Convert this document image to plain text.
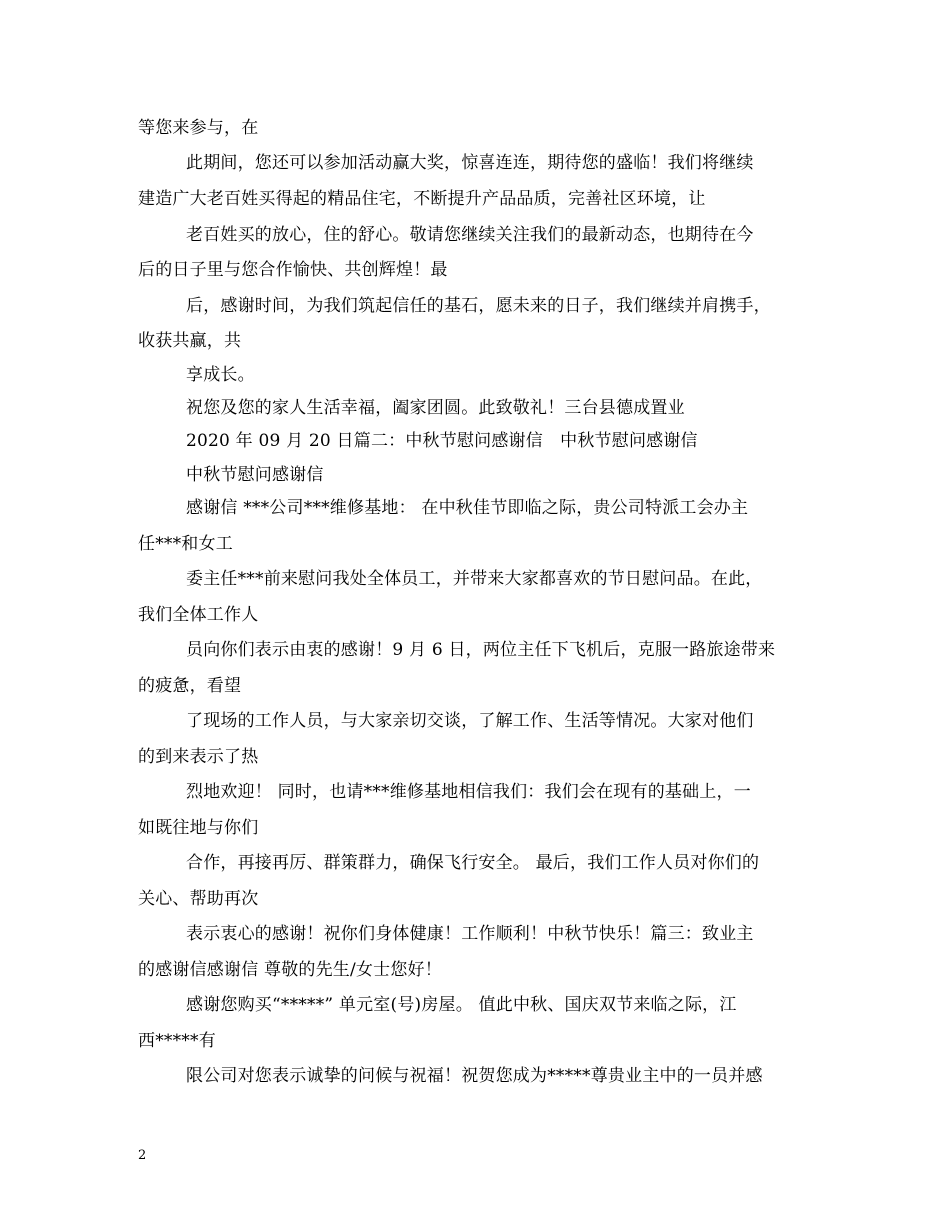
等您来参与，在
此期间，您还可以参加活动赢大奖，惊喜连连，期待您的盛临！我们将继续
建造广大老百姓买得起的精品住宅，不断提升产品品质，完善社区环境，让
老百姓买的放心，住的舒心。敬请您继续关注我们的最新动态，也期待在今
后的日子里与您合作愉快、共创辉煌！最
后，感谢时间，为我们筑起信任的基石，愿未来的日子，我们继续并肩携手，
收获共赢，共
享成长。
祝您及您的家人生活幸福，阖家团圆。此致敬礼！三台县德成置业
2020 年 09 月 20 日篇二：中秋节慰问感谢信　中秋节慰问感谢信
中秋节慰问感谢信
感谢信 ***公司***维修基地： 在中秋佳节即临之际，贵公司特派工会办主
任***和女工
委主任***前来慰问我处全体员工，并带来大家都喜欢的节日慰问品。在此，
我们全体工作人
员向你们表示由衷的感谢！9 月 6 日，两位主任下飞机后，克服一路旅途带来
的疲惫，看望
了现场的工作人员，与大家亲切交谈，了解工作、生活等情况。大家对他们
的到来表示了热
烈地欢迎！ 同时，也请***维修基地相信我们：我们会在现有的基础上，一
如既往地与你们
合作，再接再厉、群策群力，确保飞行安全。 最后，我们工作人员对你们的
关心、帮助再次
表示衷心的感谢！祝你们身体健康！工作顺利！中秋节快乐！篇三：致业主
的感谢信感谢信 尊敬的先生/女士您好！
感谢您购买“*****” 单元室(号)房屋。 值此中秋、国庆双节来临之际，江
西*****有
限公司对您表示诚挚的问候与祝福！祝贺您成为*****尊贵业主中的一员并感
2
